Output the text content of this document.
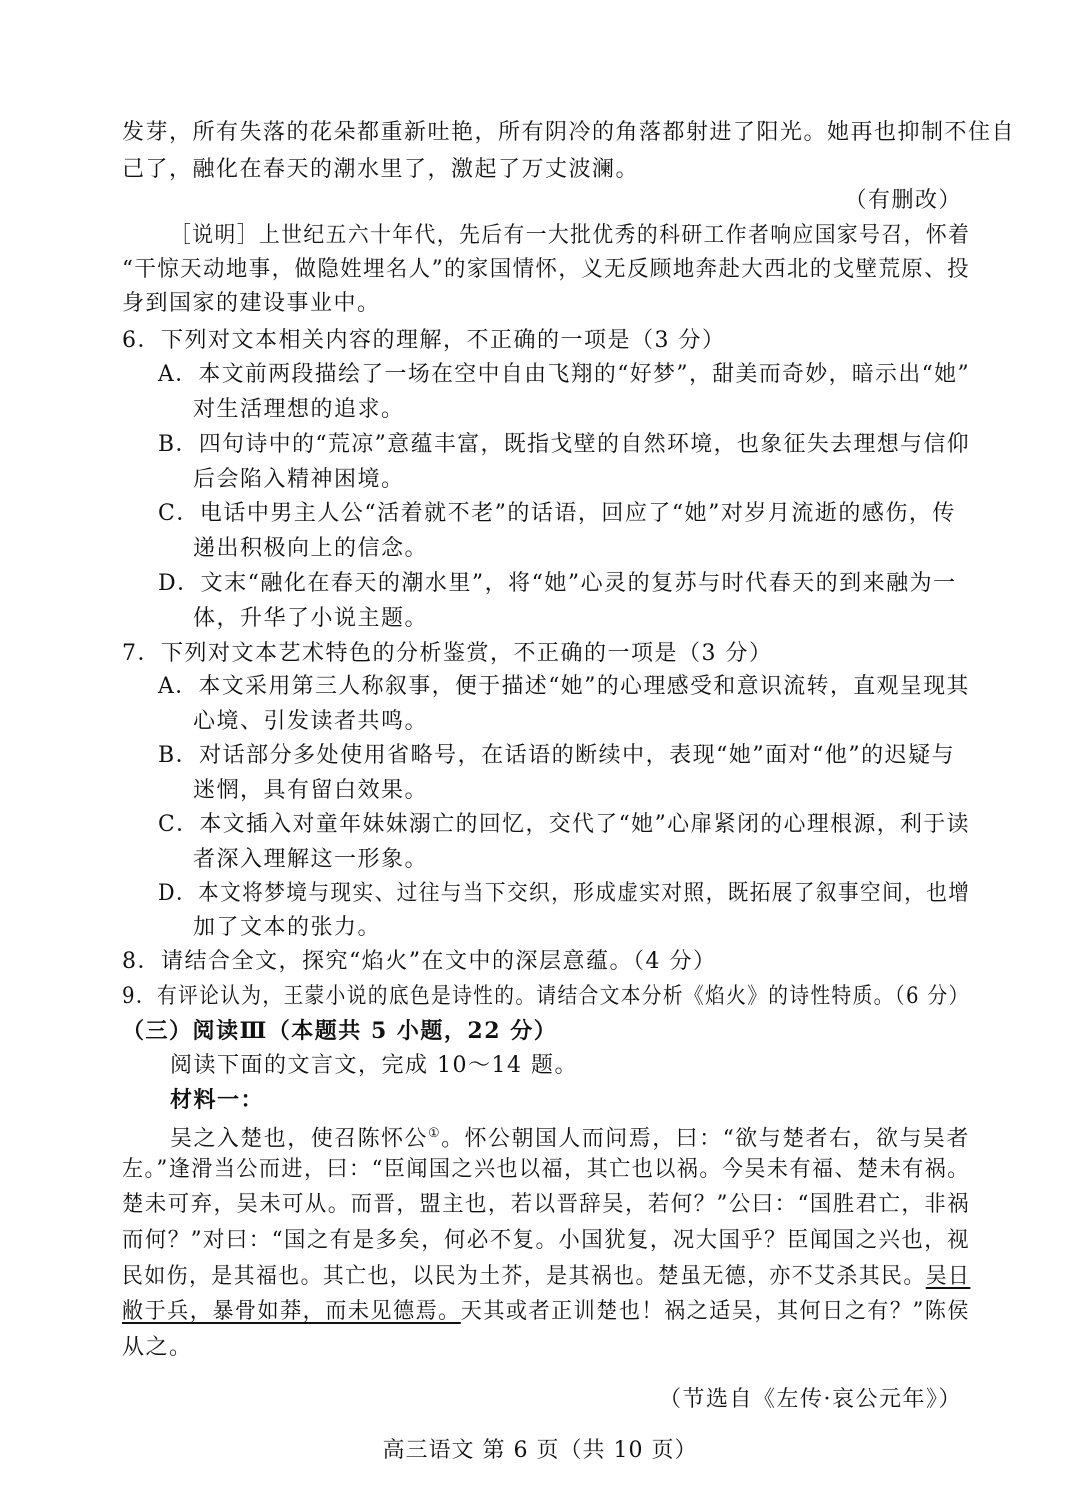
发芽，所有失落的花朵都重新吐艳，所有阴冷的角落都射进了阳光。她再也抑制不住自
己了，融化在春天的潮水里了，激起了万丈波澜。
（有删改）
［说明］上世纪五六十年代，先后有一大批优秀的科研工作者响应国家号召，怀着
“干惊天动地事，做隐姓埋名人”的家国情怀，义无反顾地奔赴大西北的戈壁荒原、投
身到国家的建设事业中。
6．下列对文本相关内容的理解，不正确的一项是（3 分）
A．本文前两段描绘了一场在空中自由飞翔的“好梦”，甜美而奇妙，暗示出“她”
对生活理想的追求。
B．四句诗中的“荒凉”意蕴丰富，既指戈壁的自然环境，也象征失去理想与信仰
后会陷入精神困境。
C．电话中男主人公“活着就不老”的话语，回应了“她”对岁月流逝的感伤，传
递出积极向上的信念。
D．文末“融化在春天的潮水里”，将“她”心灵的复苏与时代春天的到来融为一
体，升华了小说主题。
7．下列对文本艺术特色的分析鉴赏，不正确的一项是（3 分）
A．本文采用第三人称叙事，便于描述“她”的心理感受和意识流转，直观呈现其
心境、引发读者共鸣。
B．对话部分多处使用省略号，在话语的断续中，表现“她”面对“他”的迟疑与
迷惘，具有留白效果。
C．本文插入对童年妹妹溺亡的回忆，交代了“她”心扉紧闭的心理根源，利于读
者深入理解这一形象。
D．本文将梦境与现实、过往与当下交织，形成虚实对照，既拓展了叙事空间，也增
加了文本的张力。
8．请结合全文，探究“焰火”在文中的深层意蕴。（4 分）
9．有评论认为，王蒙小说的底色是诗性的。请结合文本分析《焰火》的诗性特质。（6 分）
（三）阅读Ⅲ（本题共 5 小题，22 分）
阅读下面的文言文，完成 10～14 题。
材料一：
吴之入楚也，使召陈怀公①。怀公朝国人而问焉，曰：“欲与楚者右，欲与吴者
左。”逢滑当公而进，曰：“臣闻国之兴也以福，其亡也以祸。今吴未有福、楚未有祸。
楚未可弃，吴未可从。而晋，盟主也，若以晋辞吴，若何？”公曰：“国胜君亡，非祸
而何？”对曰：“国之有是多矣，何必不复。小国犹复，况大国乎？臣闻国之兴也，视
民如伤，是其福也。其亡也，以民为土芥，是其祸也。楚虽无德，亦不艾杀其民。吴日
敝于兵，暴骨如莽，而未见德焉。天其或者正训楚也！祸之适吴，其何日之有？”陈侯
从之。
（节选自《左传·哀公元年》）
高三语文 第 6 页（共 10 页）
